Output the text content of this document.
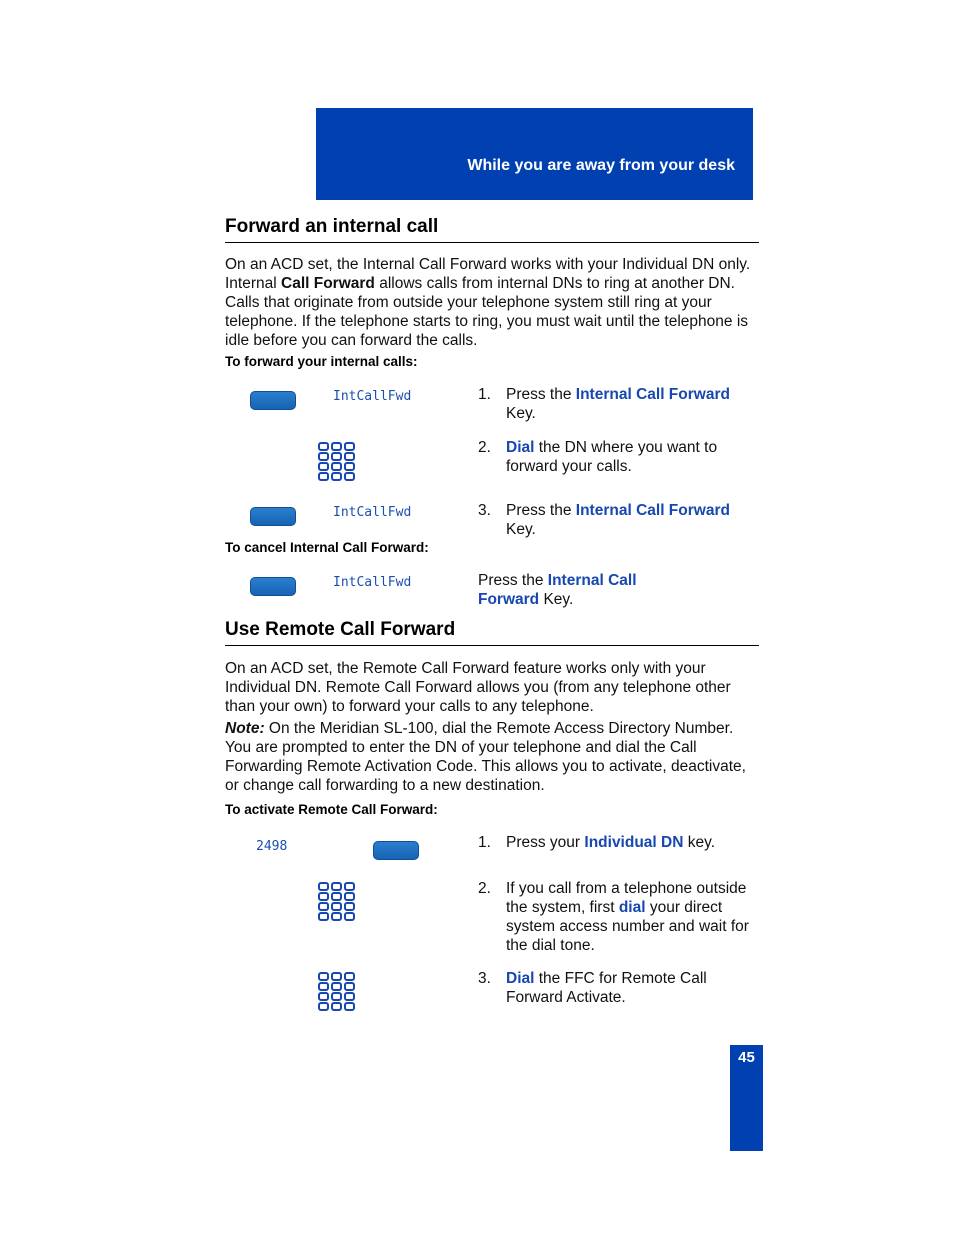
While you are away from your desk
Forward an internal call
On an ACD set, the Internal Call Forward works with your Individual DN only. Internal Call Forward allows calls from internal DNs to ring at another DN. Calls that originate from outside your telephone system still ring at your telephone. If the telephone starts to ring, you must wait until the telephone is idle before you can forward the calls.
To forward your internal calls:
IntCallFwd	1. Press the Internal Call Forward Key.
2. Dial the DN where you want to forward your calls.
IntCallFwd	3. Press the Internal Call Forward Key.
To cancel Internal Call Forward:
IntCallFwd	Press the Internal Call Forward Key.
Use Remote Call Forward
On an ACD set, the Remote Call Forward feature works only with your Individual DN. Remote Call Forward allows you (from any telephone other than your own) to forward your calls to any telephone.
Note: On the Meridian SL-100, dial the Remote Access Directory Number. You are prompted to enter the DN of your telephone and dial the Call Forwarding Remote Activation Code. This allows you to activate, deactivate, or change call forwarding to a new destination.
To activate Remote Call Forward:
2498	1. Press your Individual DN key.
2. If you call from a telephone outside the system, first dial your direct system access number and wait for the dial tone.
3. Dial the FFC for Remote Call Forward Activate.
45
